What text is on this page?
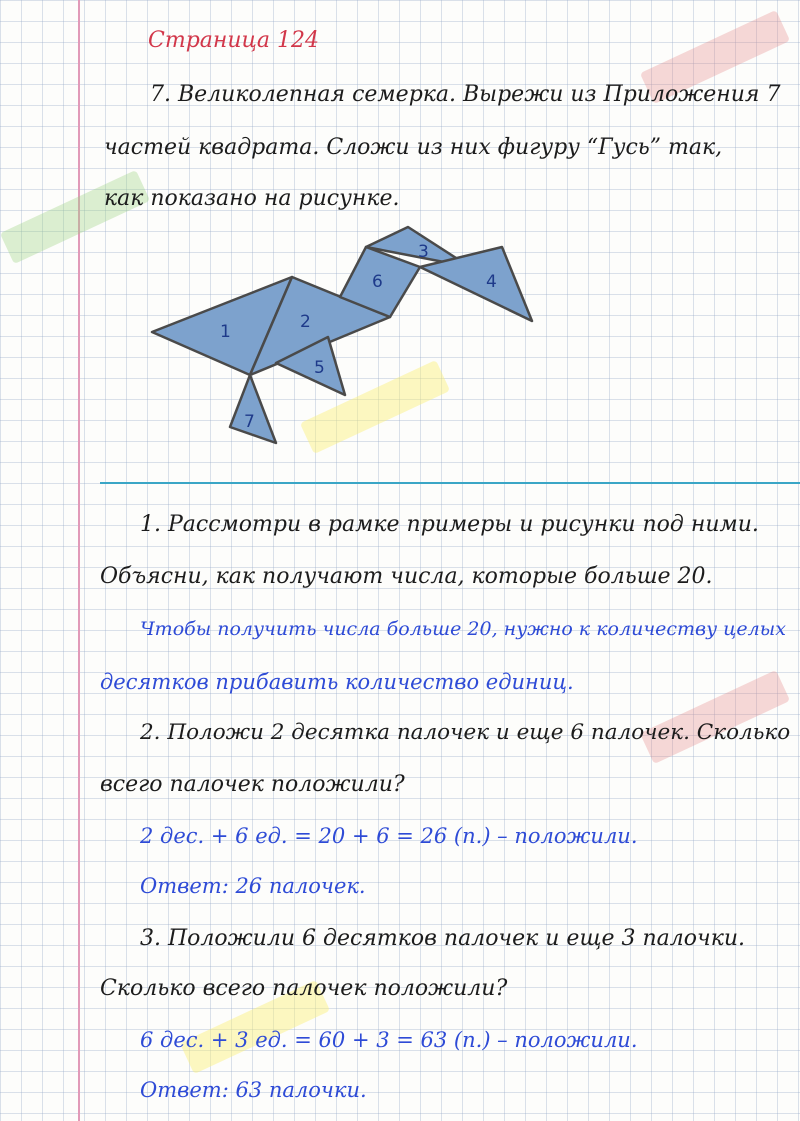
Страница 124
7. Великолепная семерка. Вырежи из Приложения 7
частей квадрата. Сложи из них фигуру “Гусь” так,
как показано на рисунке.
1	2
3
4
5
6
7
1. Рассмотри в рамке примеры и рисунки под ними.
Объясни, как получают числа, которые больше 20.
Чтобы получить числа больше 20, нужно к количеству целых
десятков прибавить количество единиц.
2. Положи 2 десятка палочек и еще 6 палочек. Сколько
всего палочек положили?
2 дес. + 6 ед. = 20 + 6 = 26 (п.) – положили.
Ответ: 26 палочек.
3. Положили 6 десятков палочек и еще 3 палочки.
Сколько всего палочек положили?
6 дес. + 3 ед. = 60 + 3 = 63 (п.) – положили.
Ответ: 63 палочки.
